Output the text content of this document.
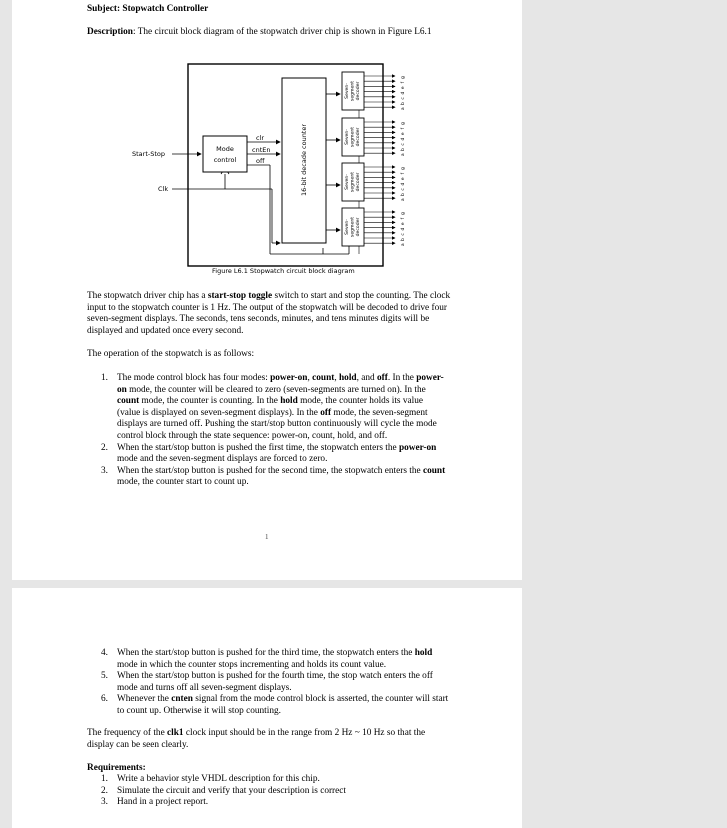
Subject: Stopwatch Controller
Description: The circuit block diagram of the stopwatch driver chip is shown in Figure L6.1
Start-Stop
Clk
Mode
control
clr
cntEn
off	16-bit decade counter
Seven- segment decoder
g
f
e
d
c
b
a
Seven- segment decoder
g
f
e
d
c
b
a
Seven- segment decoder
g
f
e
d
c
b
a
Seven- segment decoder
g
f
e
d
c
b
a
Figure L6.1 Stopwatch circuit block diagram
The stopwatch driver chip has a start-stop toggle switch to start and stop the counting. The clock input to the stopwatch counter is 1 Hz. The output of the stopwatch will be decoded to drive four seven-segment displays. The seconds, tens seconds, minutes, and tens minutes digits will be displayed and updated once every second.
The operation of the stopwatch is as follows:
1. The mode control block has four modes: power-on, count, hold, and off. In the power-on mode, the counter will be cleared to zero (seven-segments are turned on). In the count mode, the counter is counting. In the hold mode, the counter holds its value (value is displayed on seven-segment displays). In the off mode, the seven-segment displays are turned off. Pushing the start/stop button continuously will cycle the mode control block through the state sequence: power-on, count, hold, and off.
2. When the start/stop button is pushed the first time, the stopwatch enters the power-on mode and the seven-segment displays are forced to zero.
3. When the start/stop button is pushed for the second time, the stopwatch enters the count mode, the counter start to count up.
1
4. When the start/stop button is pushed for the third time, the stopwatch enters the hold mode in which the counter stops incrementing and holds its count value.
5. When the start/stop button is pushed for the fourth time, the stop watch enters the off mode and turns off all seven-segment displays.
6. Whenever the cnten signal from the mode control block is asserted, the counter will start to count up. Otherwise it will stop counting.
The frequency of the clk1 clock input should be in the range from 2 Hz ~ 10 Hz so that the display can be seen clearly.
Requirements:
1. Write a behavior style VHDL description for this chip.
2. Simulate the circuit and verify that your description is correct
3. Hand in a project report.
